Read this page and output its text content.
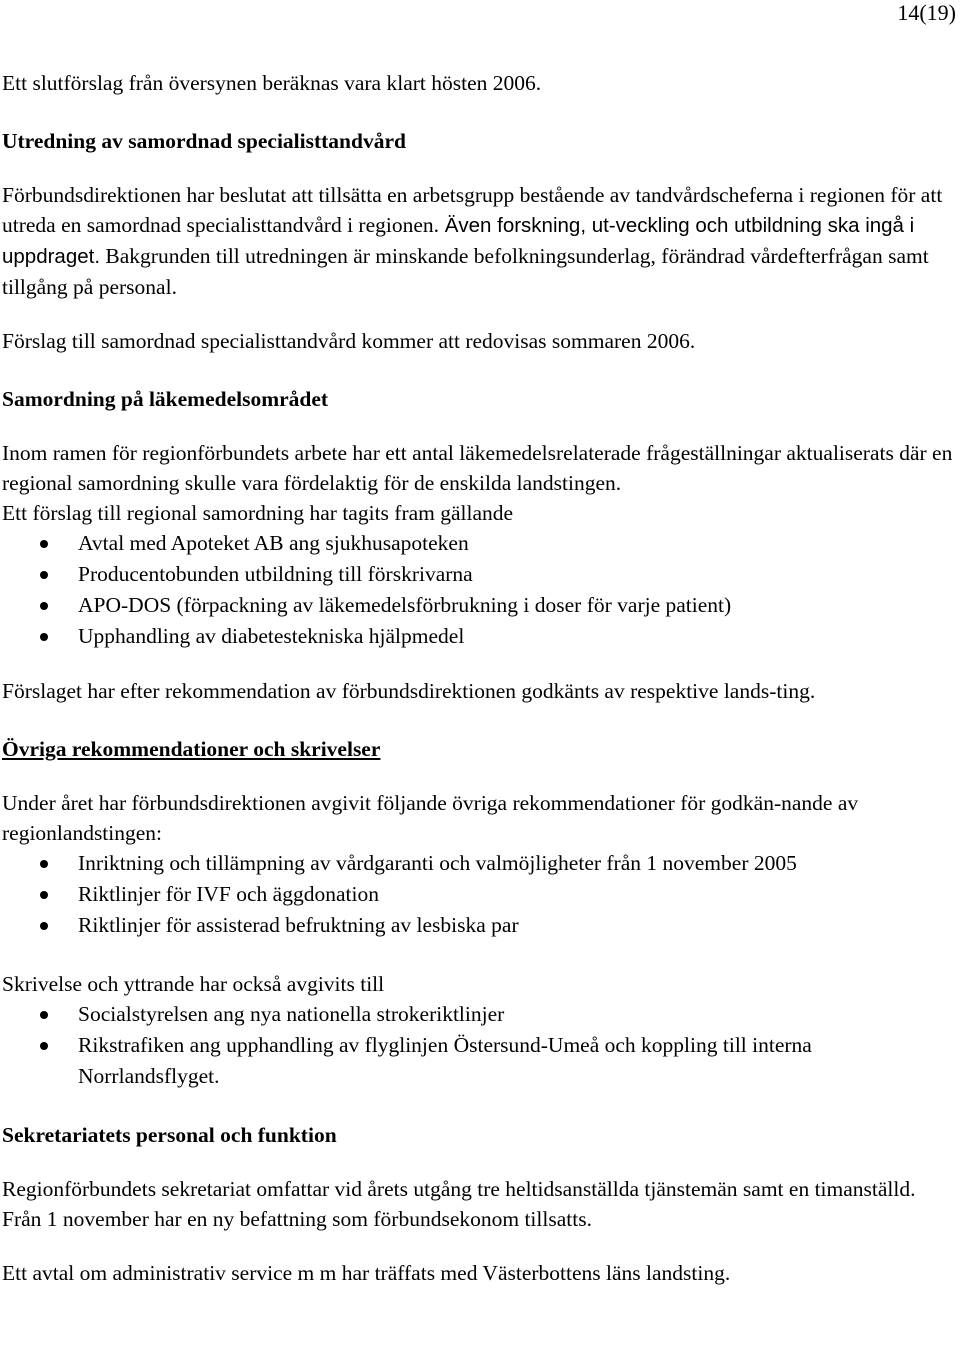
14(19)

Ett slutförslag från översynen beräknas vara klart hösten 2006.

Utredning av samordnad specialisttandvård

Förbundsdirektionen har beslutat att tillsätta en arbetsgrupp bestående av tandvårdscheferna i regionen för att utreda en samordnad specialisttandvård i regionen. Även forskning, ut-veckling och utbildning ska ingå i uppdraget. Bakgrunden till utredningen är minskande befolkningsunderlag, förändrad vårdefterfrågan samt tillgång på personal.

Förslag till samordnad specialisttandvård kommer att redovisas sommaren 2006.

Samordning på läkemedelsområdet

Inom ramen för regionförbundets arbete har ett antal läkemedelsrelaterade frågeställningar aktualiserats där en regional samordning skulle vara fördelaktig för de enskilda landstingen.

Ett förslag till regional samordning har tagits fram gällande

Avtal med Apoteket AB ang sjukhusapoteken
Producentobunden utbildning till förskrivarna
APO-DOS (förpackning av läkemedelsförbrukning i doser för varje patient)
Upphandling av diabetestekniska hjälpmedel

Förslaget har efter rekommendation av förbundsdirektionen godkänts av respektive lands-ting.

Övriga rekommendationer och skrivelser

Under året har förbundsdirektionen avgivit följande övriga rekommendationer för godkän-nande av regionlandstingen:

Inriktning och tillämpning av vårdgaranti och valmöjligheter från 1 november 2005
Riktlinjer för IVF och äggdonation
Riktlinjer för assisterad befruktning av lesbiska par

Skrivelse och yttrande har också avgivits till

Socialstyrelsen ang nya nationella strokeriktlinjer
Rikstrafiken ang upphandling av flyglinjen Östersund-Umeå och koppling till interna Norrlandsflyget.
Sekretariatets personal och funktion

Regionförbundets sekretariat omfattar vid årets utgång tre heltidsanställda tjänstemän samt en timanställd. Från 1 november har en ny befattning som förbundsekonom tillsatts.

Ett avtal om administrativ service m m har träffats med Västerbottens läns landsting.
